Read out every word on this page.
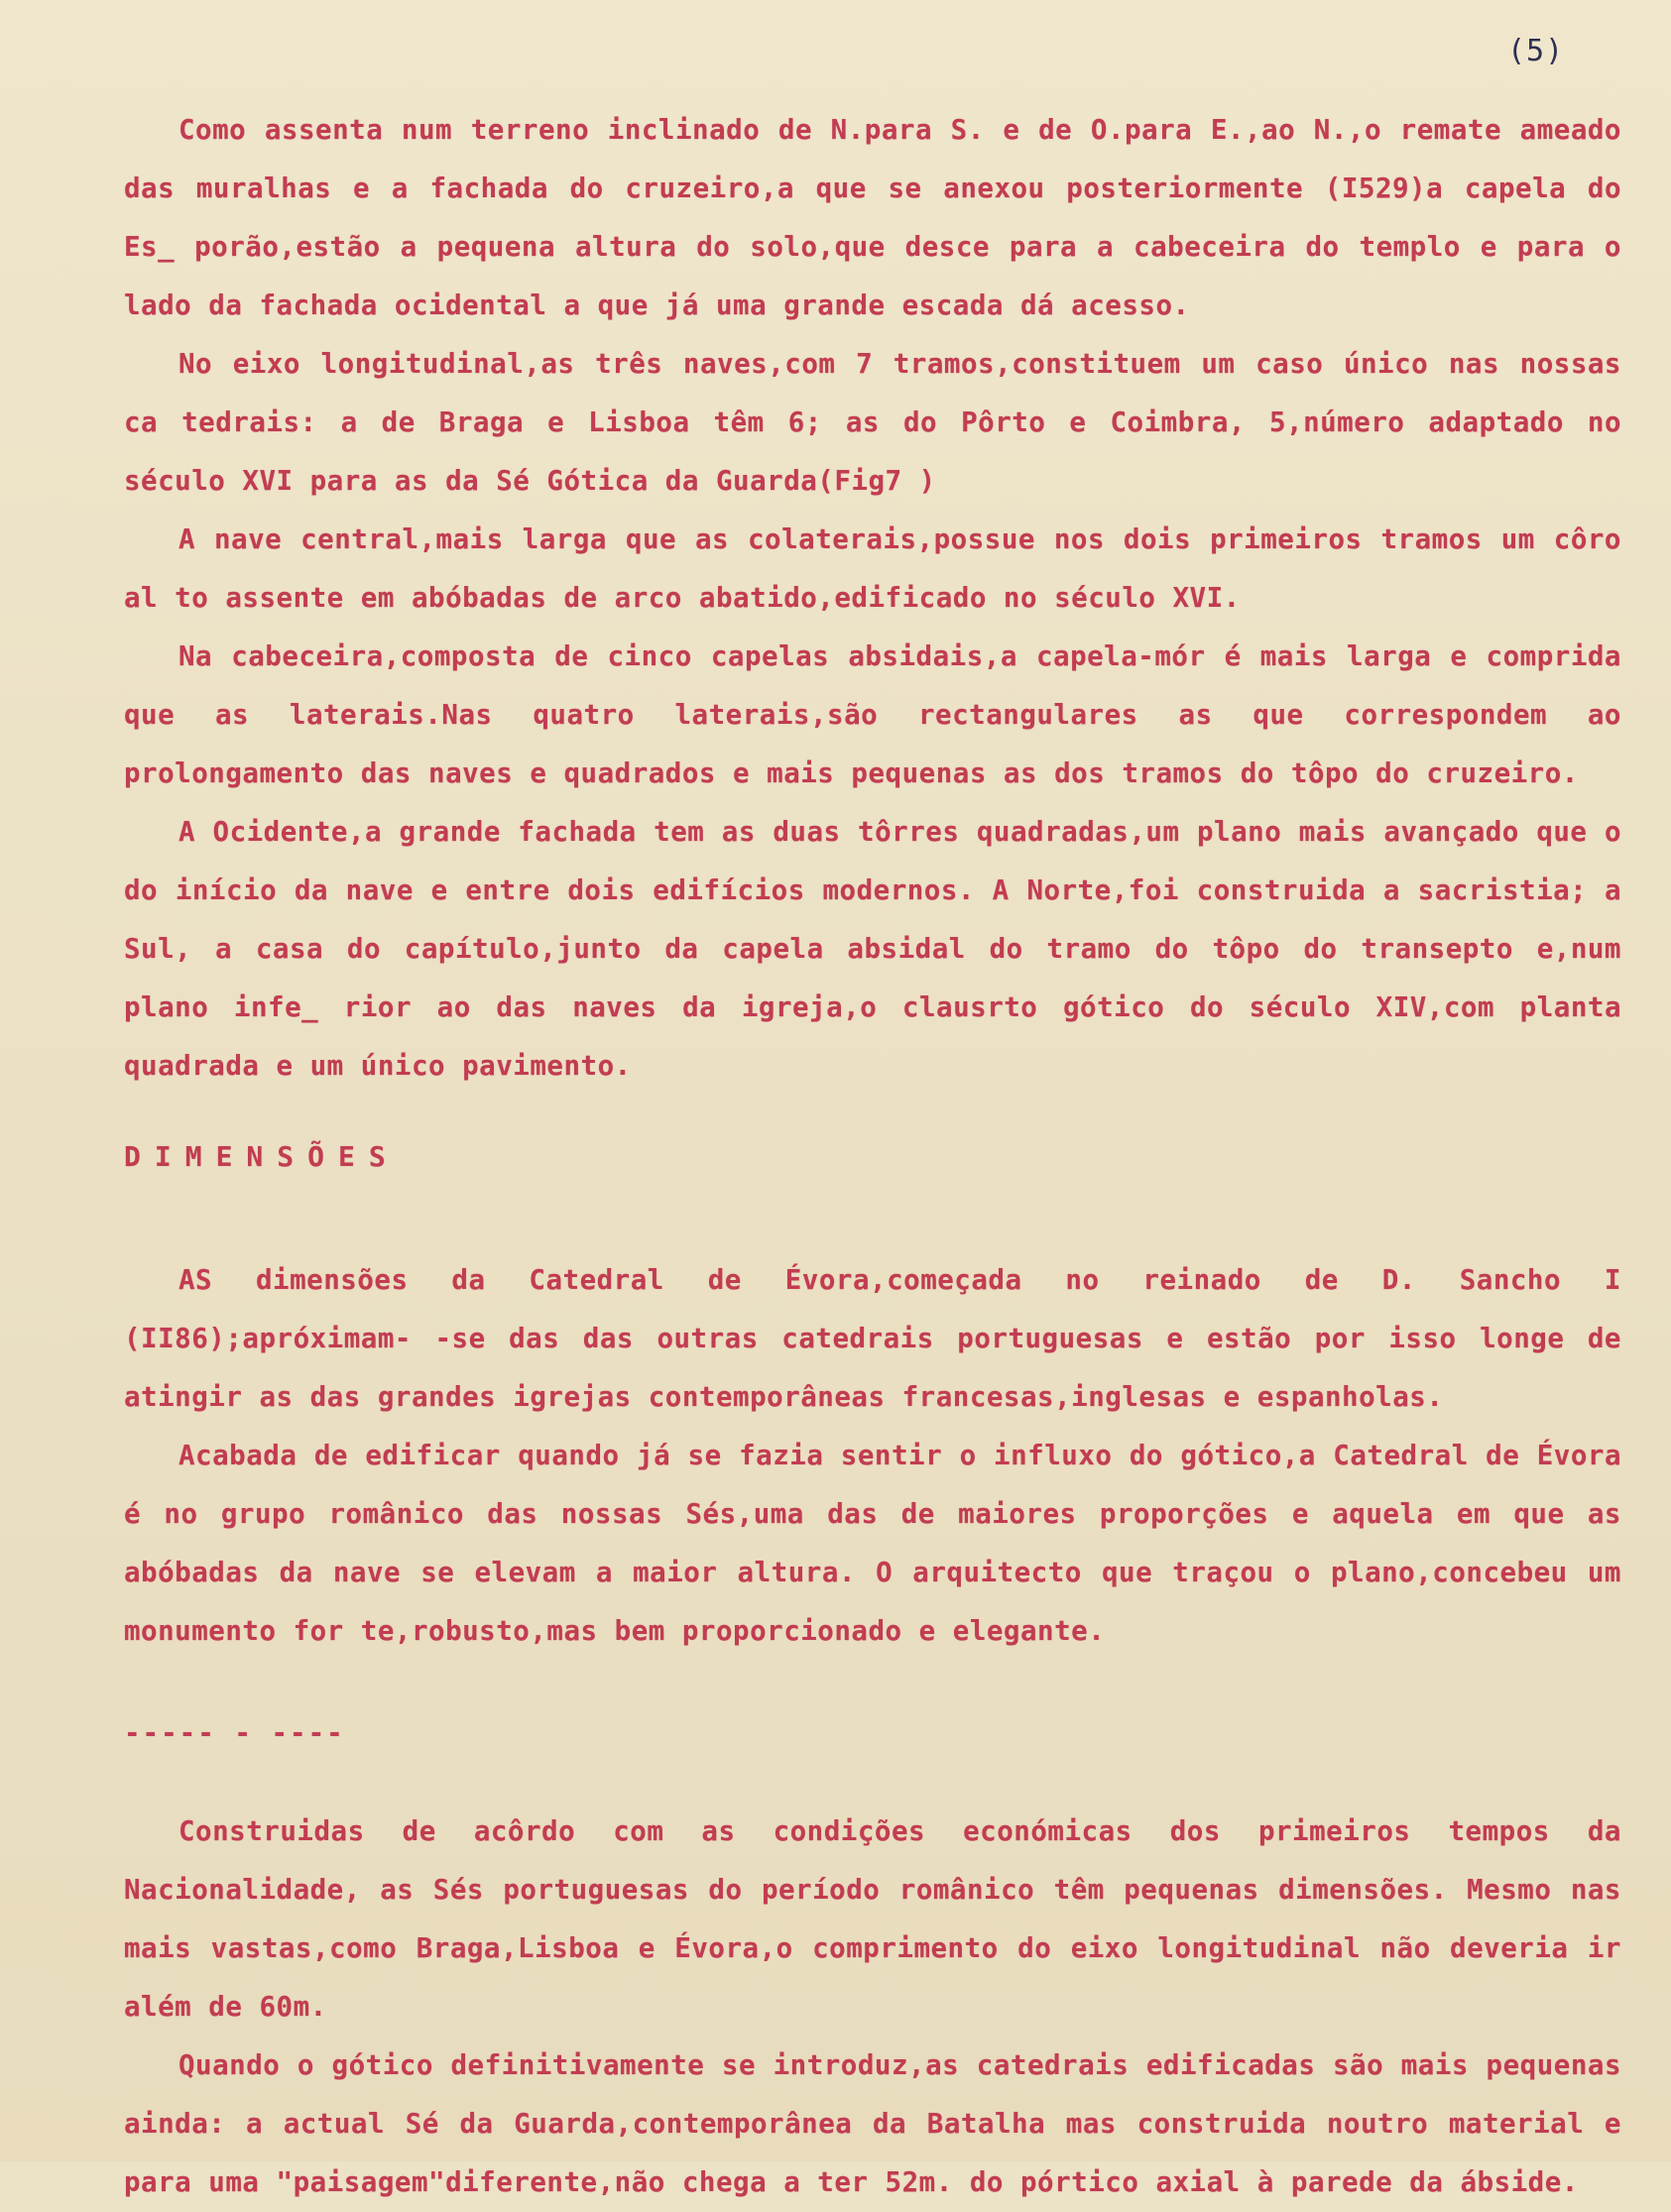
(5)

Como assenta num terreno inclinado de N.para S. e de O.para E.,ao N.,o remate ameado das muralhas e a fachada do cruzeiro,a que se anexou posteriormente (I529)a capela do Es_ porão,estão a pequena altura do solo,que desce para a cabeceira do templo e para o lado da fachada ocidental a que já uma grande escada dá acesso.

No eixo longitudinal,as três naves,com 7 tramos,constituem um caso único nas nossas ca tedrais: a de Braga e Lisboa têm 6; as do Pôrto e Coimbra, 5,número adaptado no século XVI para as da Sé Gótica da Guarda(Fig7 )

A nave central,mais larga que as colaterais,possue nos dois primeiros tramos um côro al to assente em abóbadas de arco abatido,edificado no século XVI.

Na cabeceira,composta de cinco capelas absidais,a capela-mór é mais larga e comprida que as laterais.Nas quatro laterais,são rectangulares as que correspondem ao prolongamento das naves e quadrados e mais pequenas as dos tramos do tôpo do cruzeiro.

A Ocidente,a grande fachada tem as duas tôrres quadradas,um plano mais avançado que o do início da nave e entre dois edifícios modernos. A Norte,foi construida a sacristia; a Sul, a casa do capítulo,junto da capela absidal do tramo do tôpo do transepto e,num plano infe_ rior ao das naves da igreja,o clausrto gótico do século XIV,com planta quadrada e um único pavimento.

DIMENSÕES

AS dimensões da Catedral de Évora,começada no reinado de D. Sancho I (II86);apróximam- -se das das outras catedrais portuguesas e estão por isso longe de atingir as das grandes igrejas contemporâneas francesas,inglesas e espanholas.

Acabada de edificar quando já se fazia sentir o influxo do gótico,a Catedral de Évora é no grupo românico das nossas Sés,uma das de maiores proporções e aquela em que as abóbadas da nave se elevam a maior altura. O arquitecto que traçou o plano,concebeu um monumento for te,robusto,mas bem proporcionado e elegante.

----- - ----

Construidas de acôrdo com as condições económicas dos primeiros tempos da Nacionalidade, as Sés portuguesas do período românico têm pequenas dimensões. Mesmo nas mais vastas,como Braga,Lisboa e Évora,o comprimento do eixo longitudinal não deveria ir além de 60m.

Quando o gótico definitivamente se introduz,as catedrais edificadas são mais pequenas ainda: a actual Sé da Guarda,contemporânea da Batalha mas construida noutro material e para uma "paisagem"diferente,não chega a ter 52m. do pórtico axial à parede da ábside.
